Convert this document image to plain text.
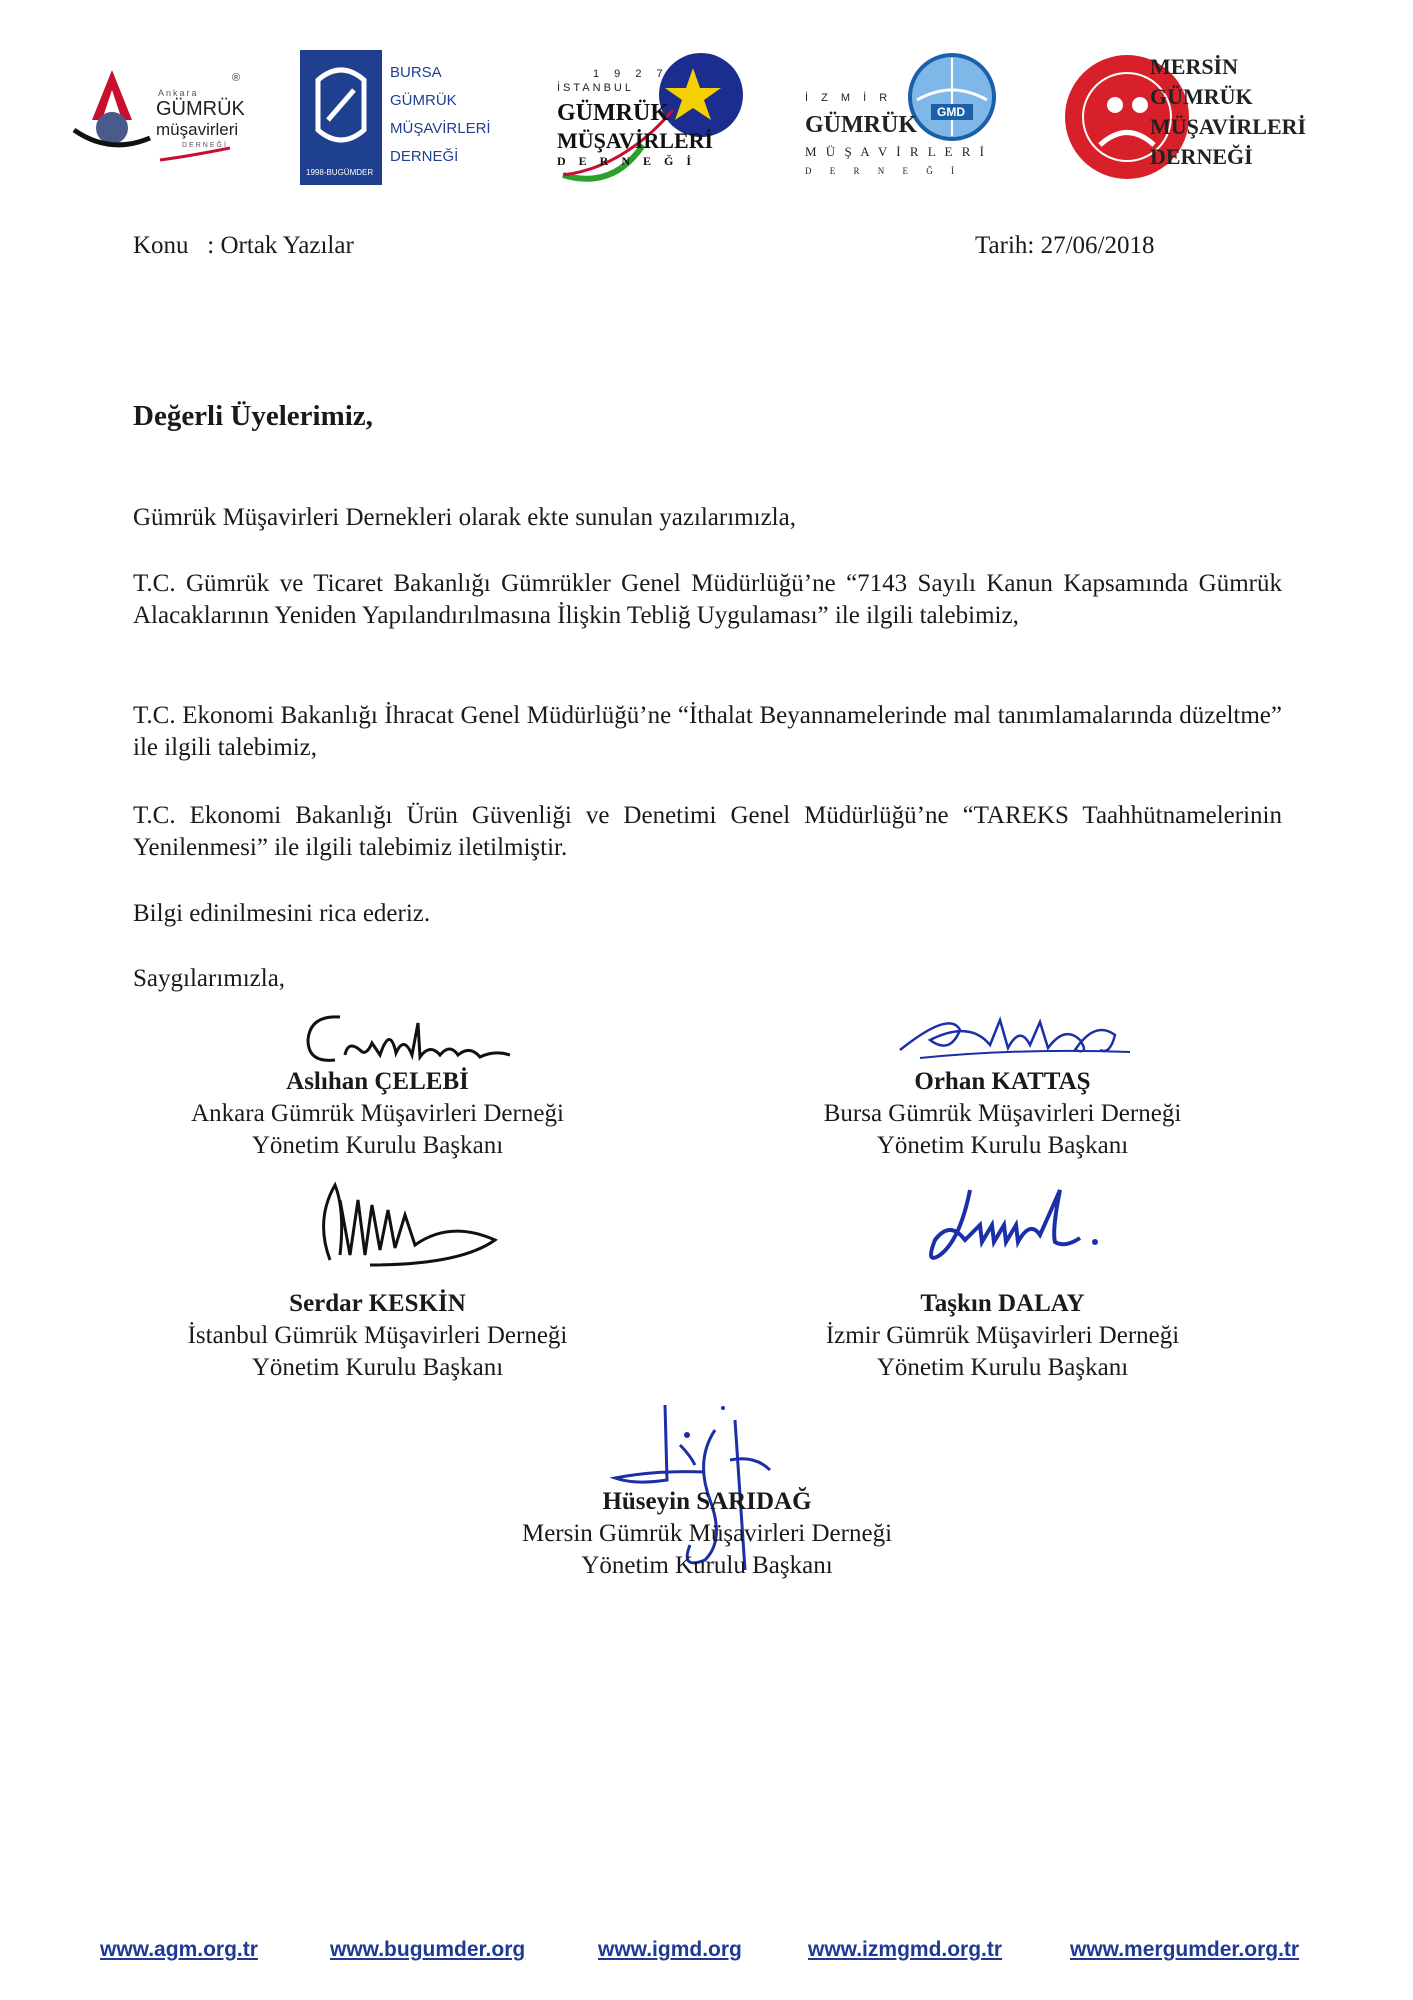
Ankara
®
GÜMRÜK
müşavirleri
DERNEĞİ
1998-BUGÜMDER
BURSA
GÜMRÜK
MÜŞAVİRLERİ
DERNEĞİ
1 9 2 7
İSTANBUL
GÜMRÜK
MÜŞAVİRLERİ
D E R N E Ğ İ
GMD
İ Z M İ R
GÜMRÜK
M Ü Ş A V İ R L E R İ
D E R N E Ğ İ
MERSİN
GÜMRÜK
MÜŞAVİRLERİ
DERNEĞİ
Konu   : Ortak Yazılar	Tarih: 27/06/2018
Değerli Üyelerimiz,
Gümrük Müşavirleri Dernekleri olarak ekte sunulan yazılarımızla,
T.C. Gümrük ve Ticaret Bakanlığı Gümrükler Genel Müdürlüğü’ne “7143 Sayılı Kanun Kapsamında Gümrük Alacaklarının Yeniden Yapılandırılmasına İlişkin Tebliğ Uygulaması” ile ilgili talebimiz,
T.C. Ekonomi Bakanlığı İhracat Genel Müdürlüğü’ne “İthalat Beyannamelerinde mal tanımlamalarında düzeltme” ile ilgili talebimiz,
T.C. Ekonomi Bakanlığı Ürün Güvenliği ve Denetimi Genel Müdürlüğü’ne “TAREKS Taahhütnamelerinin Yenilenmesi” ile ilgili talebimiz iletilmiştir.
Bilgi edinilmesini rica ederiz.
Saygılarımızla,
Aslıhan ÇELEBİ
Ankara Gümrük Müşavirleri Derneği
Yönetim Kurulu Başkanı
Orhan KATTAŞ
Bursa Gümrük Müşavirleri Derneği
Yönetim Kurulu Başkanı
Serdar KESKİN
İstanbul Gümrük Müşavirleri Derneği
Yönetim Kurulu Başkanı
Taşkın DALAY
İzmir Gümrük Müşavirleri Derneği
Yönetim Kurulu Başkanı
Hüseyin SARIDAĞ
Mersin Gümrük Müşavirleri Derneği
Yönetim Kurulu Başkanı
www.agm.org.tr	www.bugumder.org	www.igmd.org	www.izmgmd.org.tr	www.mergumder.org.tr
